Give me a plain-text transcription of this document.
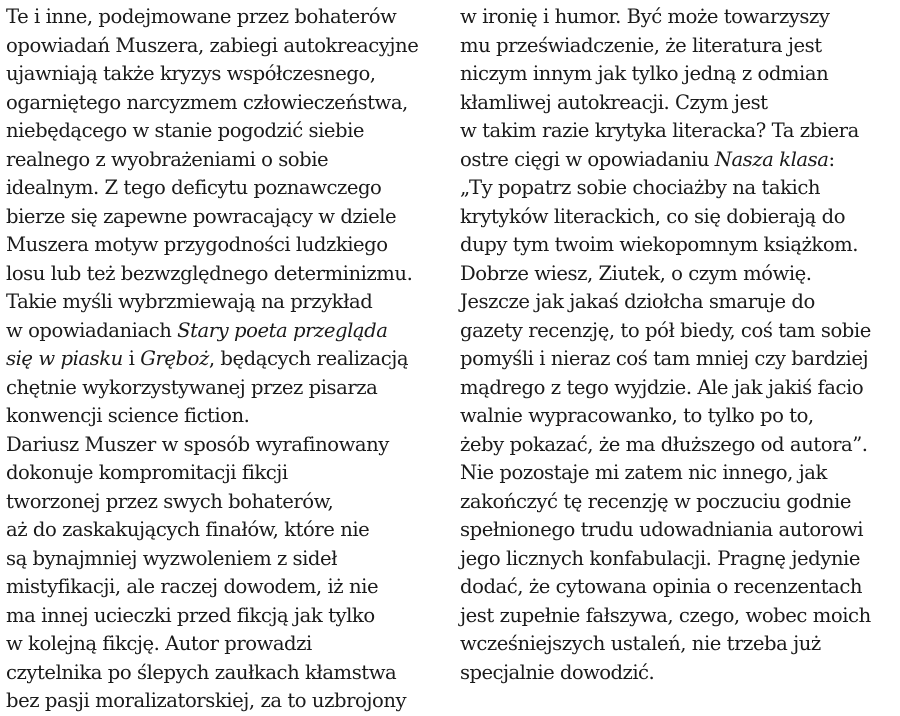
Te i inne, podejmowane przez bohaterów
opowiadań Muszera, zabiegi autokreacyjne
ujawniają także kryzys współczesnego,
ogarniętego narcyzmem człowieczeństwa,
niebędącego w stanie pogodzić siebie
realnego z wyobrażeniami o sobie
idealnym. Z tego deficytu poznawczego
bierze się zapewne powracający w dziele
Muszera motyw przygodności ludzkiego
losu lub też bezwzględnego determinizmu.
Takie myśli wybrzmiewają na przykład
w opowiadaniach Stary poeta przegląda
się w piasku i Gręboż, będących realizacją
chętnie wykorzystywanej przez pisarza
konwencji science fiction.
Dariusz Muszer w sposób wyrafinowany
dokonuje kompromitacji fikcji
tworzonej przez swych bohaterów,
aż do zaskakujących finałów, które nie
są bynajmniej wyzwoleniem z sideł
mistyfikacji, ale raczej dowodem, iż nie
ma innej ucieczki przed fikcją jak tylko
w kolejną fikcję. Autor prowadzi
czytelnika po ślepych zaułkach kłamstwa
bez pasji moralizatorskiej, za to uzbrojony
w ironię i humor. Być może towarzyszy
mu przeświadczenie, że literatura jest
niczym innym jak tylko jedną z odmian
kłamliwej autokreacji. Czym jest
w takim razie krytyka literacka? Ta zbiera
ostre cięgi w opowiadaniu Nasza klasa:
„Ty popatrz sobie chociażby na takich
krytyków literackich, co się dobierają do
dupy tym twoim wiekopomnym książkom.
Dobrze wiesz, Ziutek, o czym mówię.
Jeszcze jak jakaś dziołcha smaruje do
gazety recenzję, to pół biedy, coś tam sobie
pomyśli i nieraz coś tam mniej czy bardziej
mądrego z tego wyjdzie. Ale jak jakiś facio
walnie wypracowanko, to tylko po to,
żeby pokazać, że ma dłuższego od autora”.
Nie pozostaje mi zatem nic innego, jak
zakończyć tę recenzję w poczuciu godnie
spełnionego trudu udowadniania autorowi
jego licznych konfabulacji. Pragnę jedynie
dodać, że cytowana opinia o recenzentach
jest zupełnie fałszywa, czego, wobec moich
wcześniejszych ustaleń, nie trzeba już
specjalnie dowodzić.
